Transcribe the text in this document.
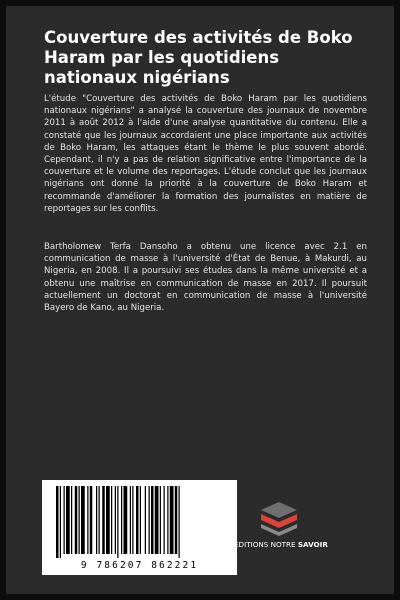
Couverture des activités de Boko Haram par les quotidiens nationaux nigérians

L'étude "Couverture des activités de Boko Haram par les quotidiens nationaux nigérians" a analysé la couverture des journaux de novembre 2011 à août 2012 à l'aide d'une analyse quantitative du contenu. Elle a constaté que les journaux accordaient une place importante aux activités de Boko Haram, les attaques étant le thème le plus souvent abordé. Cependant, il n'y a pas de relation significative entre l'importance de la couverture et le volume des reportages. L'étude conclut que les journaux nigérians ont donné la priorité à la couverture de Boko Haram et recommande d'améliorer la formation des journalistes en matière de reportages sur les conflits.

Bartholomew Terfa Dansoho a obtenu une licence avec 2.1 en communication de masse à l'université d'État de Benue, à Makurdi, au Nigeria, en 2008. Il a poursuivi ses études dans la même université et a obtenu une maîtrise en communication de masse en 2017. Il poursuit actuellement un doctorat en communication de masse à l'université Bayero de Kano, au Nigeria.

9 786207 862221
EDITIONS NOTRE SAVOIR
